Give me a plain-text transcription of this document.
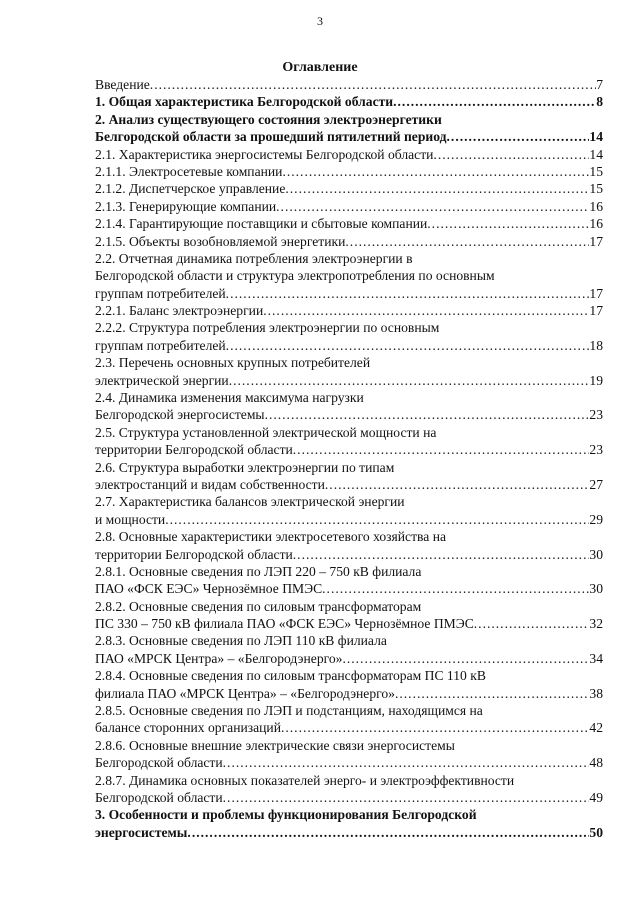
3
Оглавление
Введение .....	7
1. Общая характеристика Белгородской области .....	8
2. Анализ существующего состояния электроэнергетики
Белгородской области за прошедший пятилетний период .....	14
2.1. Характеристика энергосистемы Белгородской области .....	14
2.1.1. Электросетевые компании .....	15
2.1.2. Диспетчерское управление .....	15
2.1.3. Генерирующие компании .....	16
2.1.4. Гарантирующие поставщики и сбытовые компании .....	16
2.1.5. Объекты возобновляемой энергетики .....	17
2.2. Отчетная динамика потребления электроэнергии в
Белгородской области и структура электропотребления по основным
группам потребителей .....	17
2.2.1. Баланс электроэнергии .....	17
2.2.2. Структура потребления электроэнергии по основным
группам потребителей .....	18
2.3. Перечень основных крупных потребителей
электрической энергии .....	19
2.4. Динамика изменения максимума нагрузки
Белгородской энергосистемы .....	23
2.5. Структура установленной электрической мощности на
территории Белгородской области .....	23
2.6. Структура выработки электроэнергии по типам
электростанций и видам собственности .....	27
2.7. Характеристика балансов электрической энергии
и мощности .....	29
2.8. Основные характеристики электросетевого хозяйства на
территории Белгородской области .....	30
2.8.1. Основные сведения по ЛЭП 220 – 750 кВ филиала
ПАО «ФСК ЕЭС» Чернозёмное ПМЭС .....	30
2.8.2. Основные сведения по силовым трансформаторам
ПС 330 – 750 кВ филиала ПАО «ФСК ЕЭС» Чернозёмное ПМЭС .....	32
2.8.3. Основные сведения по ЛЭП 110 кВ филиала
ПАО «МРСК Центра» – «Белгородэнерго» .....	34
2.8.4. Основные сведения по силовым трансформаторам ПС 110 кВ
филиала ПАО «МРСК Центра» – «Белгородэнерго» .....	38
2.8.5. Основные сведения по ЛЭП и подстанциям, находящимся на
балансе сторонних организаций .....	42
2.8.6. Основные внешние электрические связи энергосистемы
Белгородской области .....	48
2.8.7. Динамика основных показателей энерго- и электроэффективности
Белгородской области .....	49
3. Особенности и проблемы функционирования Белгородской
энергосистемы .....	50
